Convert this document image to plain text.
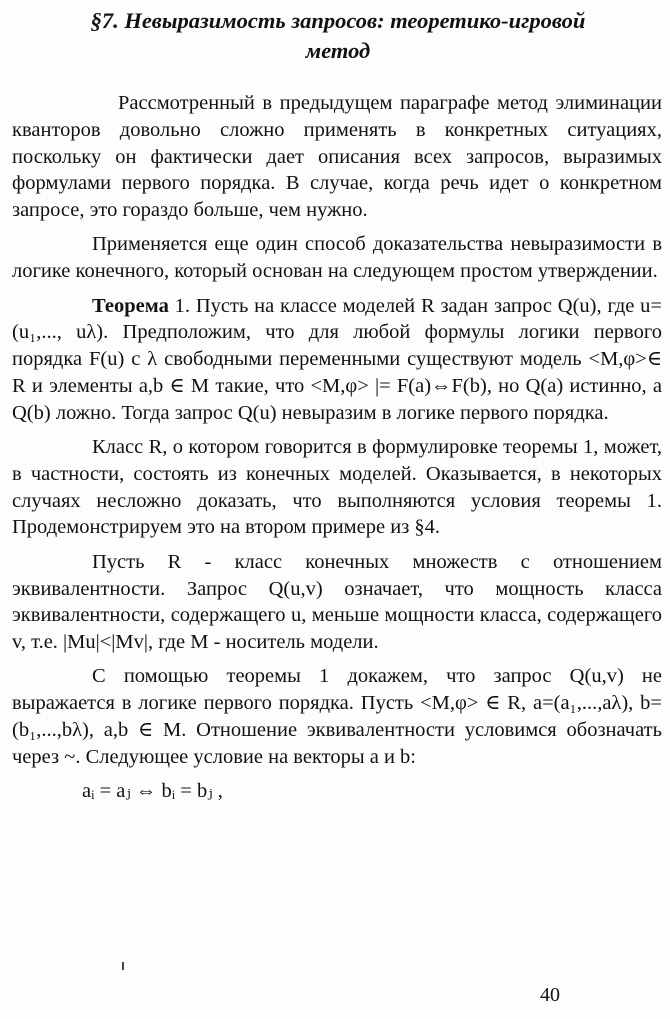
§7. Невыразимость запросов: теоретико-игровой
метод

Рассмотренный в предыдущем параграфе метод элиминации кванторов довольно сложно применять в конкретных ситуациях, поскольку он фактически дает описания всех запросов, выразимых формулами первого порядка. В случае, когда речь идет о конкретном запросе, это гораздо больше, чем нужно.

Применяется еще один способ доказательства невыразимости в логике конечного, который основан на следующем простом утверждении.

Теорема 1. Пусть на классе моделей R задан запрос Q(u), где u=(u₁,..., uλ). Предположим, что для любой формулы логики первого порядка F(u) с λ свободными переменными существуют модель <M,φ>∈ R и элементы a,b ∈ M такие, что <M,φ> |= F(a)⇔F(b), но Q(a) истинно, а Q(b) ложно. Тогда запрос Q(u) невыразим в логике первого порядка.

Класс R, о котором говорится в формулировке теоремы 1, может, в частности, состоять из конечных моделей. Оказывается, в некоторых случаях несложно доказать, что выполняются условия теоремы 1. Продемонстрируем это на втором примере из §4.

Пусть R - класс конечных множеств с отношением эквивалентности. Запрос Q(u,v) означает, что мощность класса эквивалентности, содержащего u, меньше мощности класса, содержащего v, т.е. |Mu|<|Mv|, где M - носитель модели.

С помощью теоремы 1 докажем, что запрос Q(u,v) не выражается в логике первого порядка. Пусть <M,φ> ∈ R, a=(a₁,...,aλ), b=(b₁,...,bλ), a,b ∈ M. Отношение эквивалентности условимся обозначать через ~. Следующее условие на векторы a и b:

aᵢ = aⱼ ⇔ bᵢ = bⱼ ,
40
